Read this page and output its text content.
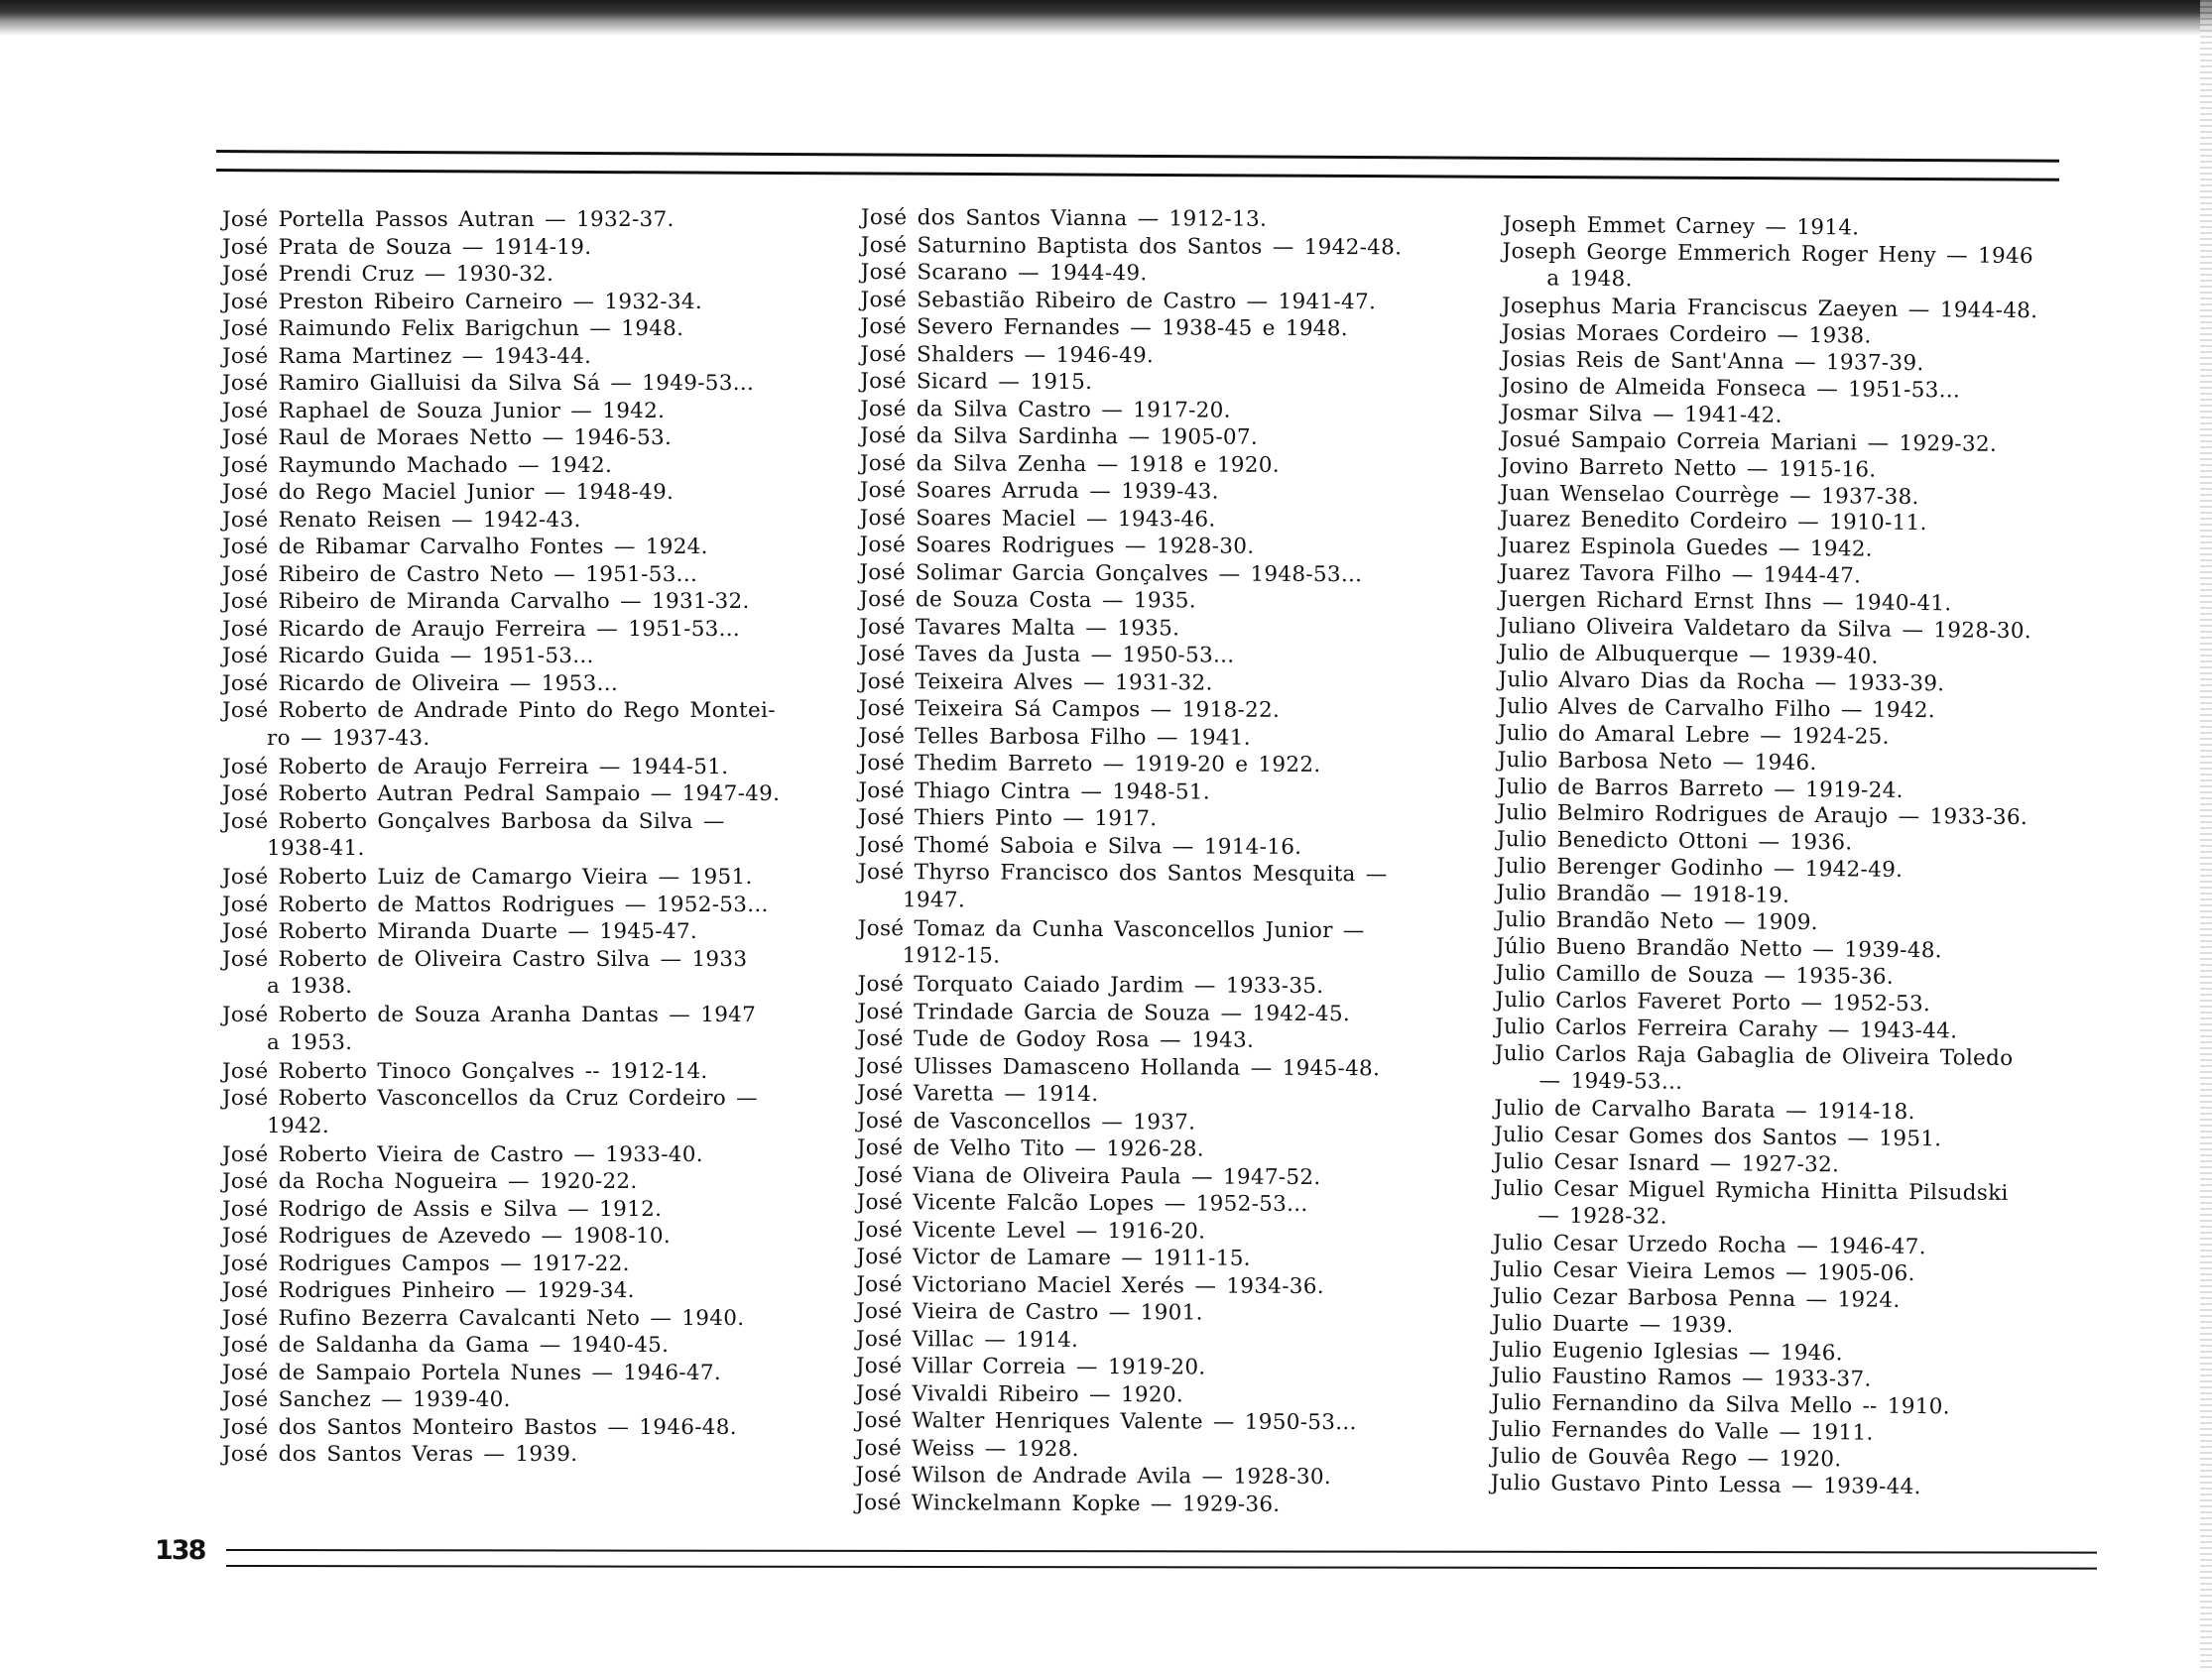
José Portella Passos Autran — 1932-37.
José Prata de Souza — 1914-19.
José Prendi Cruz — 1930-32.
José Preston Ribeiro Carneiro — 1932-34.
José Raimundo Felix Barigchun — 1948.
José Rama Martinez — 1943-44.
José Ramiro Gialluisi da Silva Sá — 1949-53...
José Raphael de Souza Junior — 1942.
José Raul de Moraes Netto — 1946-53.
José Raymundo Machado — 1942.
José do Rego Maciel Junior — 1948-49.
José Renato Reisen — 1942-43.
José de Ribamar Carvalho Fontes — 1924.
José Ribeiro de Castro Neto — 1951-53...
José Ribeiro de Miranda Carvalho — 1931-32.
José Ricardo de Araujo Ferreira — 1951-53...
José Ricardo Guida — 1951-53...
José Ricardo de Oliveira — 1953...
José Roberto de Andrade Pinto do Rego Montei-
ro — 1937-43.
José Roberto de Araujo Ferreira — 1944-51.
José Roberto Autran Pedral Sampaio — 1947-49.
José Roberto Gonçalves Barbosa da Silva —
1938-41.
José Roberto Luiz de Camargo Vieira — 1951.
José Roberto de Mattos Rodrigues — 1952-53...
José Roberto Miranda Duarte — 1945-47.
José Roberto de Oliveira Castro Silva — 1933
a 1938.
José Roberto de Souza Aranha Dantas — 1947
a 1953.
José Roberto Tinoco Gonçalves -- 1912-14.
José Roberto Vasconcellos da Cruz Cordeiro —
1942.
José Roberto Vieira de Castro — 1933-40.
José da Rocha Nogueira — 1920-22.
José Rodrigo de Assis e Silva — 1912.
José Rodrigues de Azevedo — 1908-10.
José Rodrigues Campos — 1917-22.
José Rodrigues Pinheiro — 1929-34.
José Rufino Bezerra Cavalcanti Neto — 1940.
José de Saldanha da Gama — 1940-45.
José de Sampaio Portela Nunes — 1946-47.
José Sanchez — 1939-40.
José dos Santos Monteiro Bastos — 1946-48.
José dos Santos Veras — 1939.
José dos Santos Vianna — 1912-13.
José Saturnino Baptista dos Santos — 1942-48.
José Scarano — 1944-49.
José Sebastião Ribeiro de Castro — 1941-47.
José Severo Fernandes — 1938-45 e 1948.
José Shalders — 1946-49.
José Sicard — 1915.
José da Silva Castro — 1917-20.
José da Silva Sardinha — 1905-07.
José da Silva Zenha — 1918 e 1920.
José Soares Arruda — 1939-43.
José Soares Maciel — 1943-46.
José Soares Rodrigues — 1928-30.
José Solimar Garcia Gonçalves — 1948-53...
José de Souza Costa — 1935.
José Tavares Malta — 1935.
José Taves da Justa — 1950-53...
José Teixeira Alves — 1931-32.
José Teixeira Sá Campos — 1918-22.
José Telles Barbosa Filho — 1941.
José Thedim Barreto — 1919-20 e 1922.
José Thiago Cintra — 1948-51.
José Thiers Pinto — 1917.
José Thomé Saboia e Silva — 1914-16.
José Thyrso Francisco dos Santos Mesquita —
1947.
José Tomaz da Cunha Vasconcellos Junior —
1912-15.
José Torquato Caiado Jardim — 1933-35.
José Trindade Garcia de Souza — 1942-45.
José Tude de Godoy Rosa — 1943.
José Ulisses Damasceno Hollanda — 1945-48.
José Varetta — 1914.
José de Vasconcellos — 1937.
José de Velho Tito — 1926-28.
José Viana de Oliveira Paula — 1947-52.
José Vicente Falcão Lopes — 1952-53...
José Vicente Level — 1916-20.
José Victor de Lamare — 1911-15.
José Victoriano Maciel Xerés — 1934-36.
José Vieira de Castro — 1901.
José Villac — 1914.
José Villar Correia — 1919-20.
José Vivaldi Ribeiro — 1920.
José Walter Henriques Valente — 1950-53...
José Weiss — 1928.
José Wilson de Andrade Avila — 1928-30.
José Winckelmann Kopke — 1929-36.
Joseph Emmet Carney — 1914.
Joseph George Emmerich Roger Heny — 1946
a 1948.
Josephus Maria Franciscus Zaeyen — 1944-48.
Josias Moraes Cordeiro — 1938.
Josias Reis de Sant'Anna — 1937-39.
Josino de Almeida Fonseca — 1951-53...
Josmar Silva — 1941-42.
Josué Sampaio Correia Mariani — 1929-32.
Jovino Barreto Netto — 1915-16.
Juan Wenselao Courrège — 1937-38.
Juarez Benedito Cordeiro — 1910-11.
Juarez Espinola Guedes — 1942.
Juarez Tavora Filho — 1944-47.
Juergen Richard Ernst Ihns — 1940-41.
Juliano Oliveira Valdetaro da Silva — 1928-30.
Julio de Albuquerque — 1939-40.
Julio Alvaro Dias da Rocha — 1933-39.
Julio Alves de Carvalho Filho — 1942.
Julio do Amaral Lebre — 1924-25.
Julio Barbosa Neto — 1946.
Julio de Barros Barreto — 1919-24.
Julio Belmiro Rodrigues de Araujo — 1933-36.
Julio Benedicto Ottoni — 1936.
Julio Berenger Godinho — 1942-49.
Julio Brandão — 1918-19.
Julio Brandão Neto — 1909.
Júlio Bueno Brandão Netto — 1939-48.
Julio Camillo de Souza — 1935-36.
Julio Carlos Faveret Porto — 1952-53.
Julio Carlos Ferreira Carahy — 1943-44.
Julio Carlos Raja Gabaglia de Oliveira Toledo
— 1949-53...
Julio de Carvalho Barata — 1914-18.
Julio Cesar Gomes dos Santos — 1951.
Julio Cesar Isnard — 1927-32.
Julio Cesar Miguel Rymicha Hinitta Pilsudski
— 1928-32.
Julio Cesar Urzedo Rocha — 1946-47.
Julio Cesar Vieira Lemos — 1905-06.
Julio Cezar Barbosa Penna — 1924.
Julio Duarte — 1939.
Julio Eugenio Iglesias — 1946.
Julio Faustino Ramos — 1933-37.
Julio Fernandino da Silva Mello -- 1910.
Julio Fernandes do Valle — 1911.
Julio de Gouvêa Rego — 1920.
Julio Gustavo Pinto Lessa — 1939-44.
138
